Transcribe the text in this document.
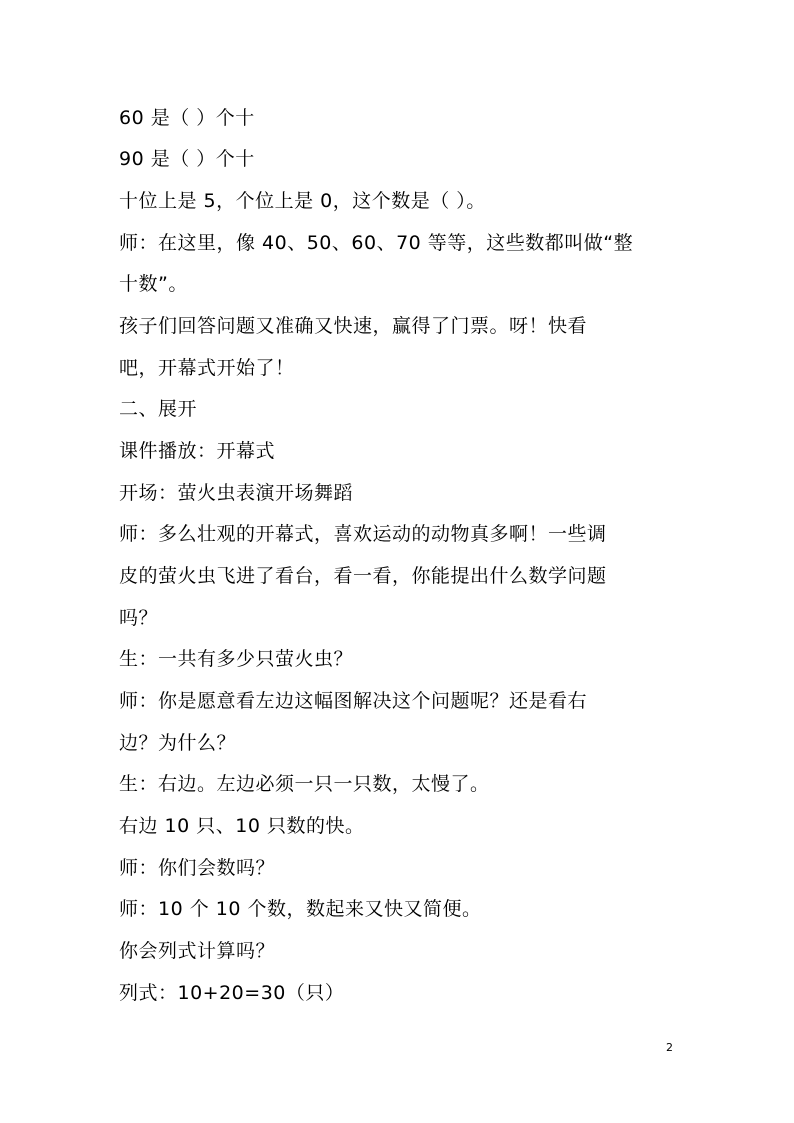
60 是（ ）个十
90 是（ ）个十
十位上是 5，个位上是 0，这个数是（ ）。
师：在这里，像 40、50、60、70 等等，这些数都叫做“整
十数”。
孩子们回答问题又准确又快速，赢得了门票。呀！快看
吧，开幕式开始了！
二、展开
课件播放：开幕式
开场：萤火虫表演开场舞蹈
师：多么壮观的开幕式，喜欢运动的动物真多啊！一些调
皮的萤火虫飞进了看台，看一看，你能提出什么数学问题
吗？
生：一共有多少只萤火虫？
师：你是愿意看左边这幅图解决这个问题呢？还是看右
边？为什么？
生：右边。左边必须一只一只数，太慢了。
右边 10 只、10 只数的快。
师：你们会数吗？
师：10 个 10 个数，数起来又快又简便。
你会列式计算吗？
列式：10+20=30（只）
2
